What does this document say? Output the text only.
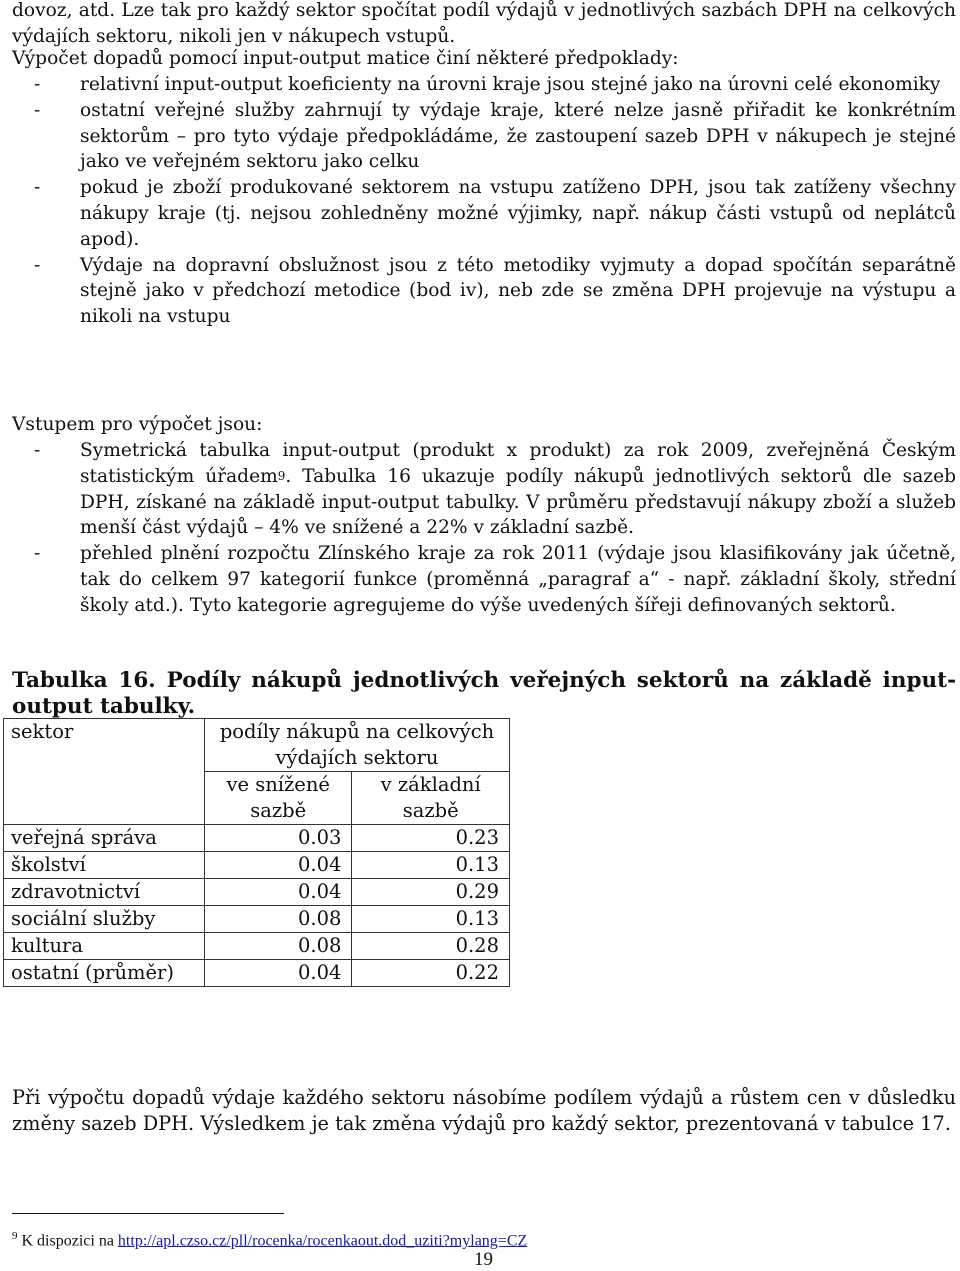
dovoz, atd. Lze tak pro každý sektor spočítat podíl výdajů v jednotlivých sazbách DPH na celkových výdajích sektoru, nikoli jen v nákupech vstupů.

Výpočet dopadů pomocí input-output matice činí některé předpoklady:
- relativní input-output koeficienty na úrovni kraje jsou stejné jako na úrovni celé ekonomiky
- ostatní veřejné služby zahrnují ty výdaje kraje, které nelze jasně přiřadit ke konkrétním sektorům – pro tyto výdaje předpokládáme, že zastoupení sazeb DPH v nákupech je stejné jako ve veřejném sektoru jako celku
- pokud je zboží produkované sektorem na vstupu zatíženo DPH, jsou tak zatíženy všechny nákupy kraje (tj. nejsou zohledněny možné výjimky, např. nákup části vstupů od neplátců apod).
- Výdaje na dopravní obslužnost jsou z této metodiky vyjmuty a dopad spočítán separátně stejně jako v předchozí metodice (bod iv), neb zde se změna DPH projevuje na výstupu a nikoli na vstupu
Vstupem pro výpočet jsou:
- Symetrická tabulka input-output (produkt x produkt) za rok 2009, zveřejněná Českým statistickým úřadem$^9$. Tabulka 16 ukazuje podíly nákupů jednotlivých sektorů dle sazeb DPH, získané na základě input-output tabulky. V průměru představují nákupy zboží a služeb menší část výdajů – 4% ve snížené a 22% v základní sazbě.
- přehled plnění rozpočtu Zlínského kraje za rok 2011 (výdaje jsou klasifikovány jak účetně, tak do celkem 97 kategorií funkce (proměnná „paragraf a“ - např. základní školy, střední školy atd.). Tyto kategorie agregujeme do výše uvedených šířeji definovaných sektorů.
Tabulka 16. Podíly nákupů jednotlivých veřejných sektorů na základě input-output tabulky.
sektor	podíly nákupů na celkových výdajích sektoru	
	ve snížené sazbě	v základní sazbě
veřejná správa	0.03	0.23
školství	0.04	0.13
zdravotnictví	0.04	0.29
sociální služby	0.08	0.13
kultura	0.08	0.28
ostatní (průměr)	0.04	0.22

Při výpočtu dopadů výdaje každého sektoru násobíme podílem výdajů a růstem cen v důsledku změny sazeb DPH. Výsledkem je tak změna výdajů pro každý sektor, prezentovaná v tabulce 17.

$^9$ K dispozici na http://apl.czso.cz/pll/rocenka/rocenkaout.dod_uziti?mylang=CZ
19
